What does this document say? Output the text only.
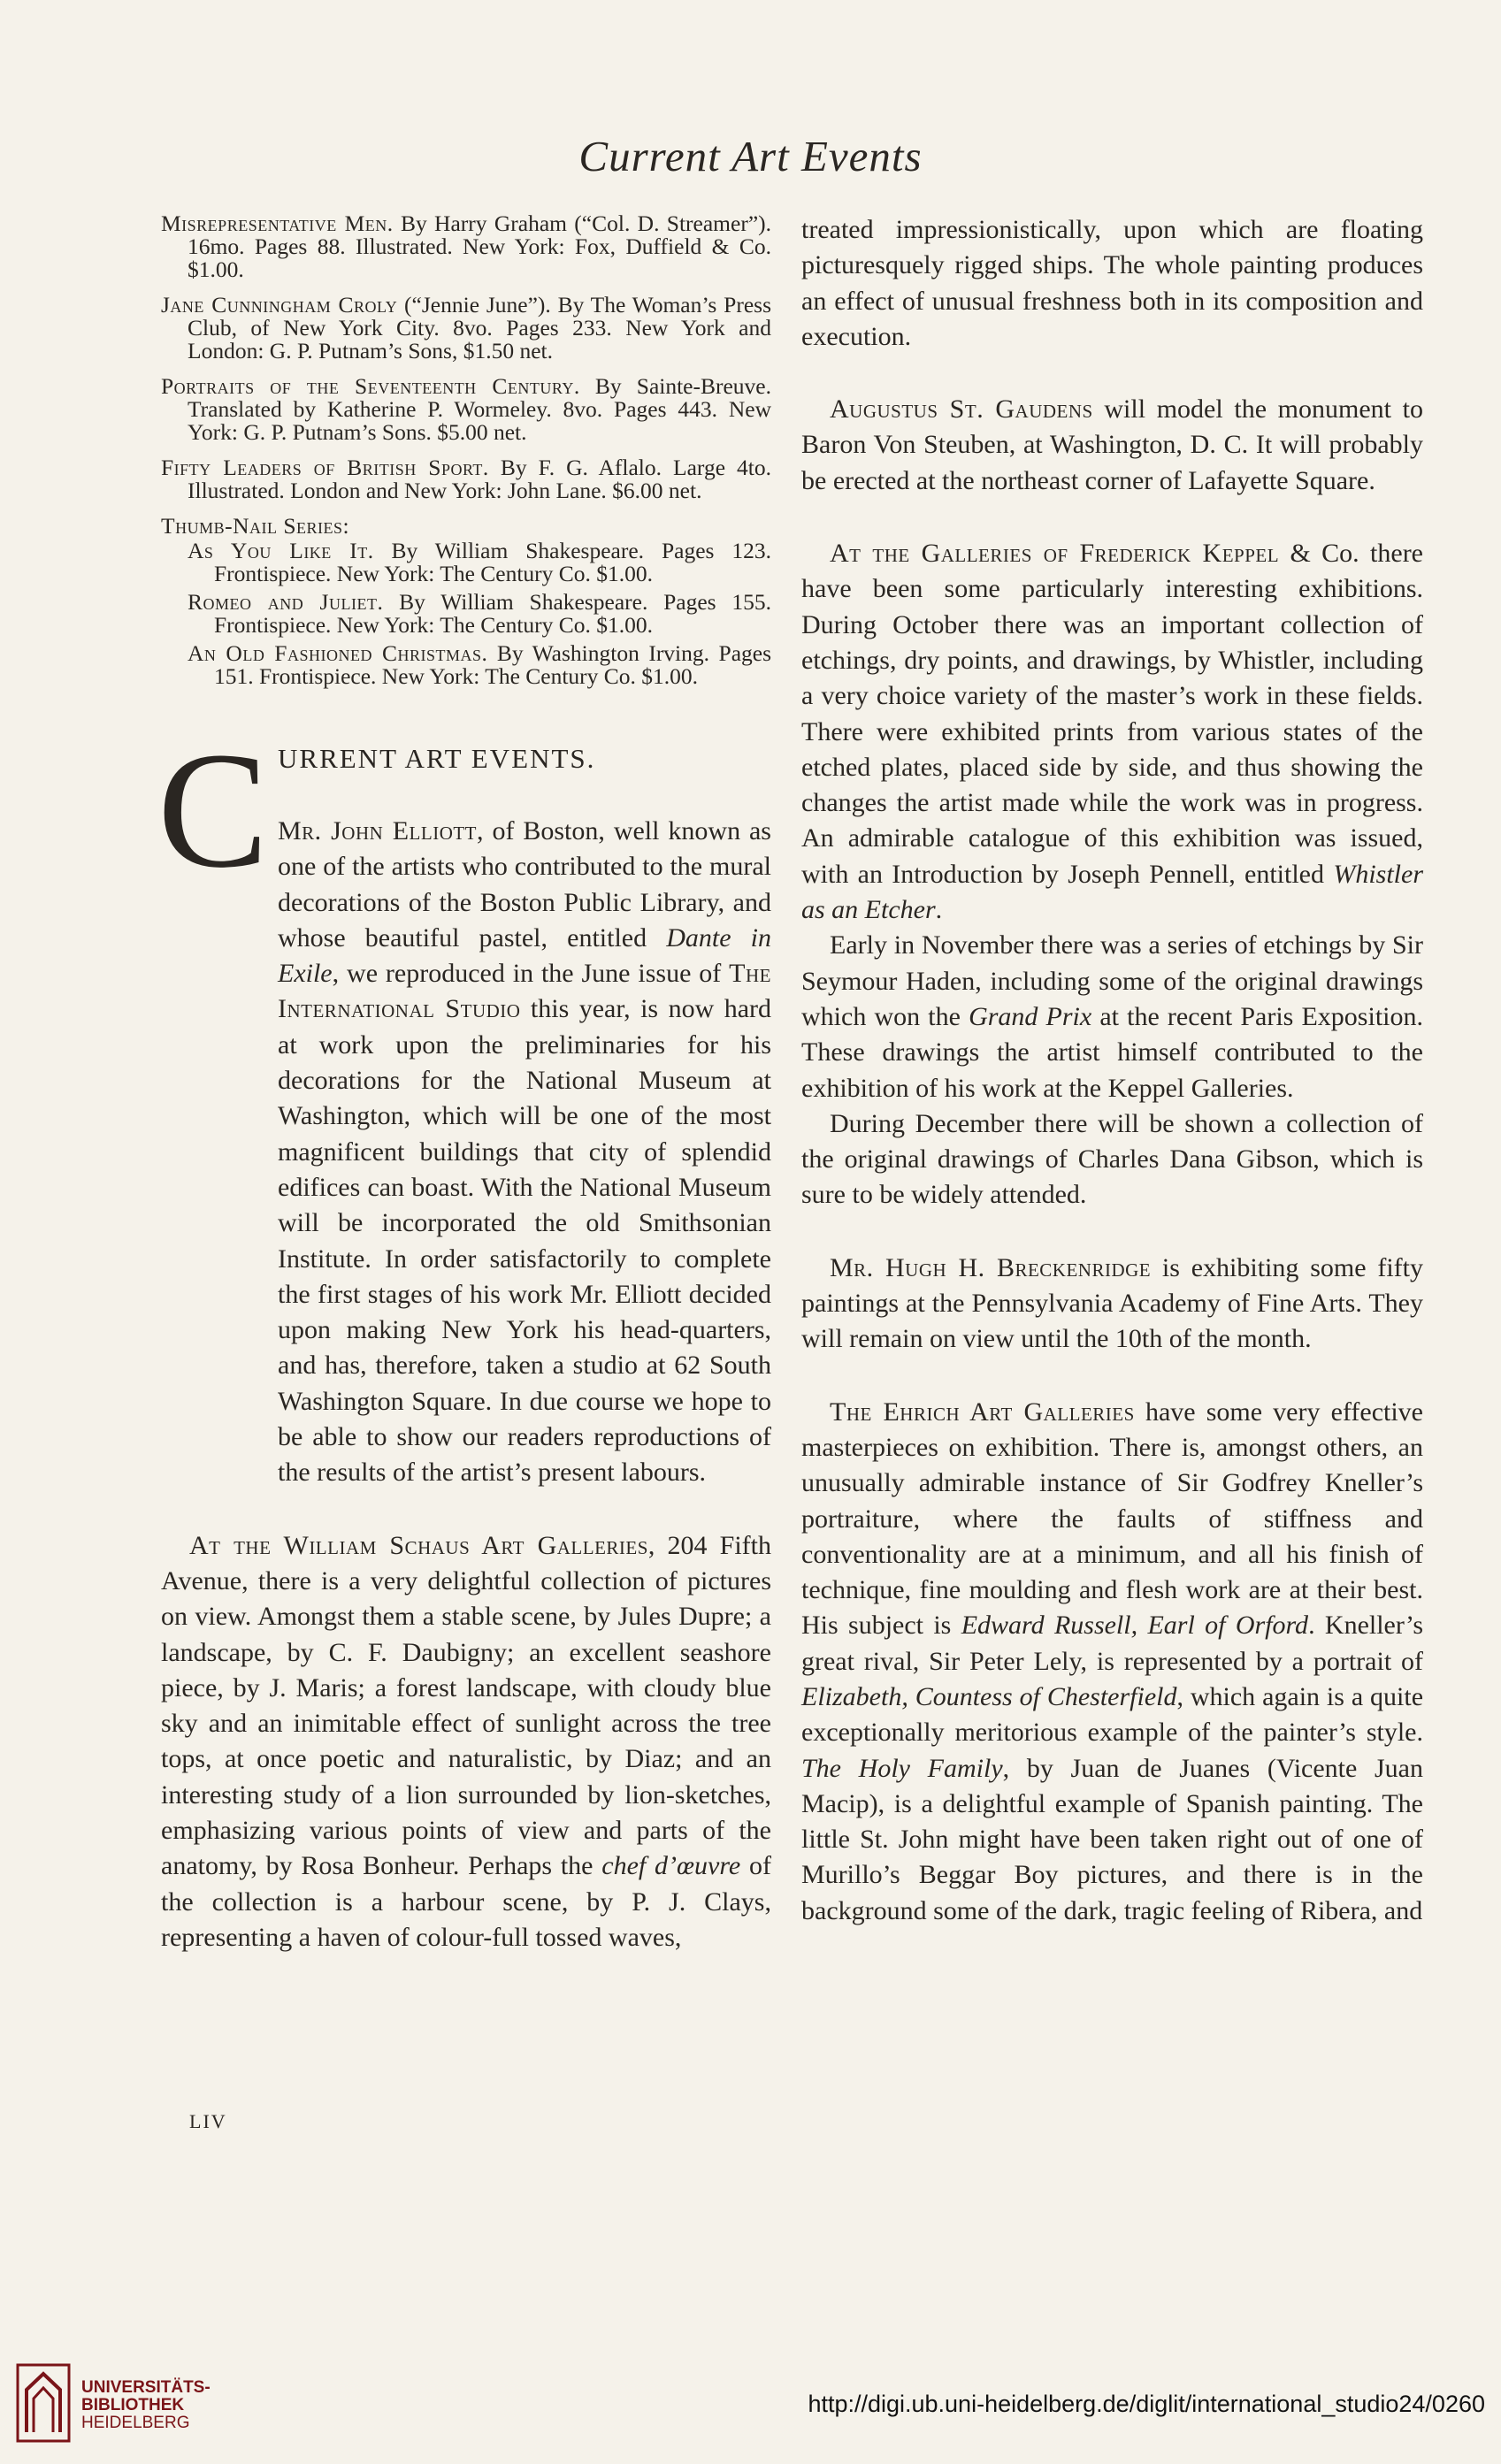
Current Art Events

Misrepresentative Men. By Harry Graham (“Col. D. Streamer”). 16mo. Pages 88. Illustrated. New York: Fox, Duffield & Co. $1.00.

Jane Cunningham Croly (“Jennie June”). By The Woman’s Press Club, of New York City. 8vo. Pages 233. New York and London: G. P. Putnam’s Sons, $1.50 net.

Portraits of the Seventeenth Century. By Sainte-Breuve. Translated by Katherine P. Wormeley. 8vo. Pages 443. New York: G. P. Putnam’s Sons. $5.00 net.

Fifty Leaders of British Sport. By F. G. Aflalo. Large 4to. Illustrated. London and New York: John Lane. $6.00 net.

Thumb-Nail Series:

As You Like It. By William Shakespeare. Pages 123. Frontispiece. New York: The Century Co. $1.00.

Romeo and Juliet. By William Shakespeare. Pages 155. Frontispiece. New York: The Century Co. $1.00.

An Old Fashioned Christmas. By Washington Irving. Pages 151. Frontispiece. New York: The Century Co. $1.00.

C URRENT ART EVENTS.

Mr. John Elliott, of Boston, well known as one of the artists who contributed to the mural decorations of the Boston Public Library, and whose beautiful pastel, entitled Dante in Exile, we reproduced in the June issue of The International Studio this year, is now hard at work upon the preliminaries for his decorations for the National Museum at Washington, which will be one of the most magnificent buildings that city of splendid edifices can boast. With the National Museum will be incorporated the old Smithsonian Institute. In order satisfactorily to complete the first stages of his work Mr. Elliott decided upon making New York his head-quarters, and has, therefore, taken a studio at 62 South Washington Square. In due course we hope to be able to show our readers reproductions of the results of the artist’s present labours.

At the William Schaus Art Galleries, 204 Fifth Avenue, there is a very delightful collection of pictures on view. Amongst them a stable scene, by Jules Dupre; a landscape, by C. F. Daubigny; an excellent seashore piece, by J. Maris; a forest landscape, with cloudy blue sky and an inimitable effect of sunlight across the tree tops, at once poetic and naturalistic, by Diaz; and an interesting study of a lion surrounded by lion-sketches, emphasizing various points of view and parts of the anatomy, by Rosa Bonheur. Perhaps the chef d’œuvre of the collection is a harbour scene, by P. J. Clays, representing a haven of colour-full tossed waves,

treated impressionistically, upon which are floating picturesquely rigged ships. The whole painting produces an effect of unusual freshness both in its composition and execution.

Augustus St. Gaudens will model the monument to Baron Von Steuben, at Washington, D. C. It will probably be erected at the northeast corner of Lafayette Square.

At the Galleries of Frederick Keppel & Co. there have been some particularly interesting exhibitions. During October there was an important collection of etchings, dry points, and drawings, by Whistler, including a very choice variety of the master’s work in these fields. There were exhibited prints from various states of the etched plates, placed side by side, and thus showing the changes the artist made while the work was in progress. An admirable catalogue of this exhibition was issued, with an Introduction by Joseph Pennell, entitled Whistler as an Etcher.

Early in November there was a series of etchings by Sir Seymour Haden, including some of the original drawings which won the Grand Prix at the recent Paris Exposition. These drawings the artist himself contributed to the exhibition of his work at the Keppel Galleries.

During December there will be shown a collection of the original drawings of Charles Dana Gibson, which is sure to be widely attended.

Mr. Hugh H. Breckenridge is exhibiting some fifty paintings at the Pennsylvania Academy of Fine Arts. They will remain on view until the 10th of the month.

The Ehrich Art Galleries have some very effective masterpieces on exhibition. There is, amongst others, an unusually admirable instance of Sir Godfrey Kneller’s portraiture, where the faults of stiffness and conventionality are at a minimum, and all his finish of technique, fine moulding and flesh work are at their best. His subject is Edward Russell, Earl of Orford. Kneller’s great rival, Sir Peter Lely, is represented by a portrait of Elizabeth, Countess of Chesterfield, which again is a quite exceptionally meritorious example of the painter’s style. The Holy Family, by Juan de Juanes (Vicente Juan Macip), is a delightful example of Spanish painting. The little St. John might have been taken right out of one of Murillo’s Beggar Boy pictures, and there is in the background some of the dark, tragic feeling of Ribera, and

LIV
UNIVERSITÄTS-
BIBLIOTHEK
HEIDELBERG
http://digi.ub.uni-heidelberg.de/diglit/international_studio24/0260
